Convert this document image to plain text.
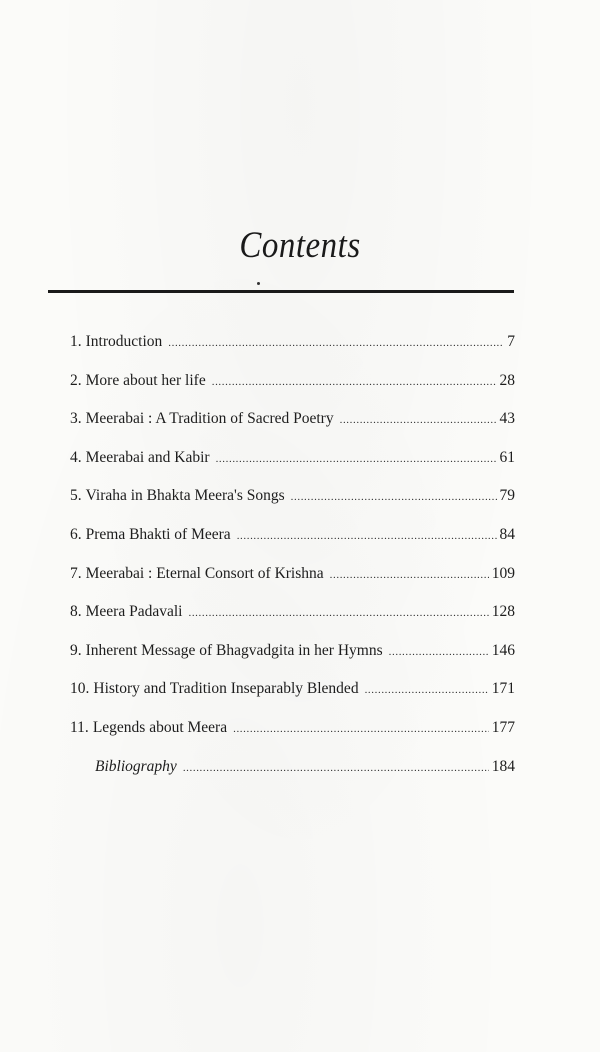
Contents
1. Introduction .....	7
2. More about her life .....	28
3. Meerabai : A Tradition of Sacred Poetry .....	43
4. Meerabai and Kabir .....	61
5. Viraha in Bhakta Meera's Songs .....	79
6. Prema Bhakti of Meera .....	84
7. Meerabai : Eternal Consort of Krishna .....	109
8. Meera Padavali .....	128
9. Inherent Message of Bhagvadgita in her Hymns .....	146
10. History and Tradition Inseparably Blended .....	171
11. Legends about Meera .....	177
Bibliography .....	184
